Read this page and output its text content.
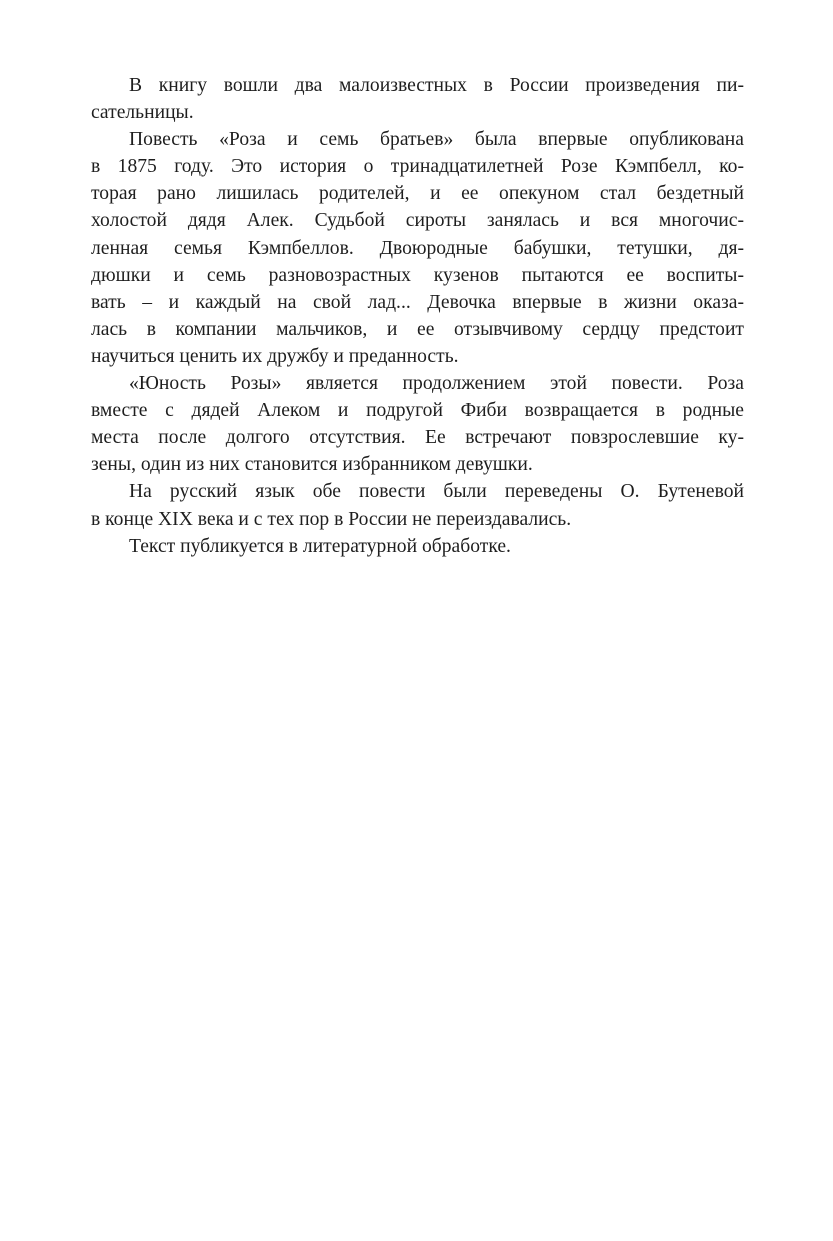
В книгу вошли два малоизвестных в России произведения пи-
сательницы.
Повесть «Роза и семь братьев» была впервые опубликована
в 1875 году. Это история о тринадцатилетней Розе Кэмпбелл, ко-
торая рано лишилась родителей, и ее опекуном стал бездетный
холостой дядя Алек. Судьбой сироты занялась и вся многочис-
ленная семья Кэмпбеллов. Двоюродные бабушки, тетушки, дя-
дюшки и семь разновозрастных кузенов пытаются ее воспиты-
вать – и каждый на свой лад... Девочка впервые в жизни оказа-
лась в компании мальчиков, и ее отзывчивому сердцу предстоит
научиться ценить их дружбу и преданность.
«Юность Розы» является продолжением этой повести. Роза
вместе с дядей Алеком и подругой Фиби возвращается в родные
места после долгого отсутствия. Ее встречают повзрослевшие ку-
зены, один из них становится избранником девушки.
На русский язык обе повести были переведены О. Бутеневой
в конце XIX века и с тех пор в России не переиздавались.
Текст публикуется в литературной обработке.
